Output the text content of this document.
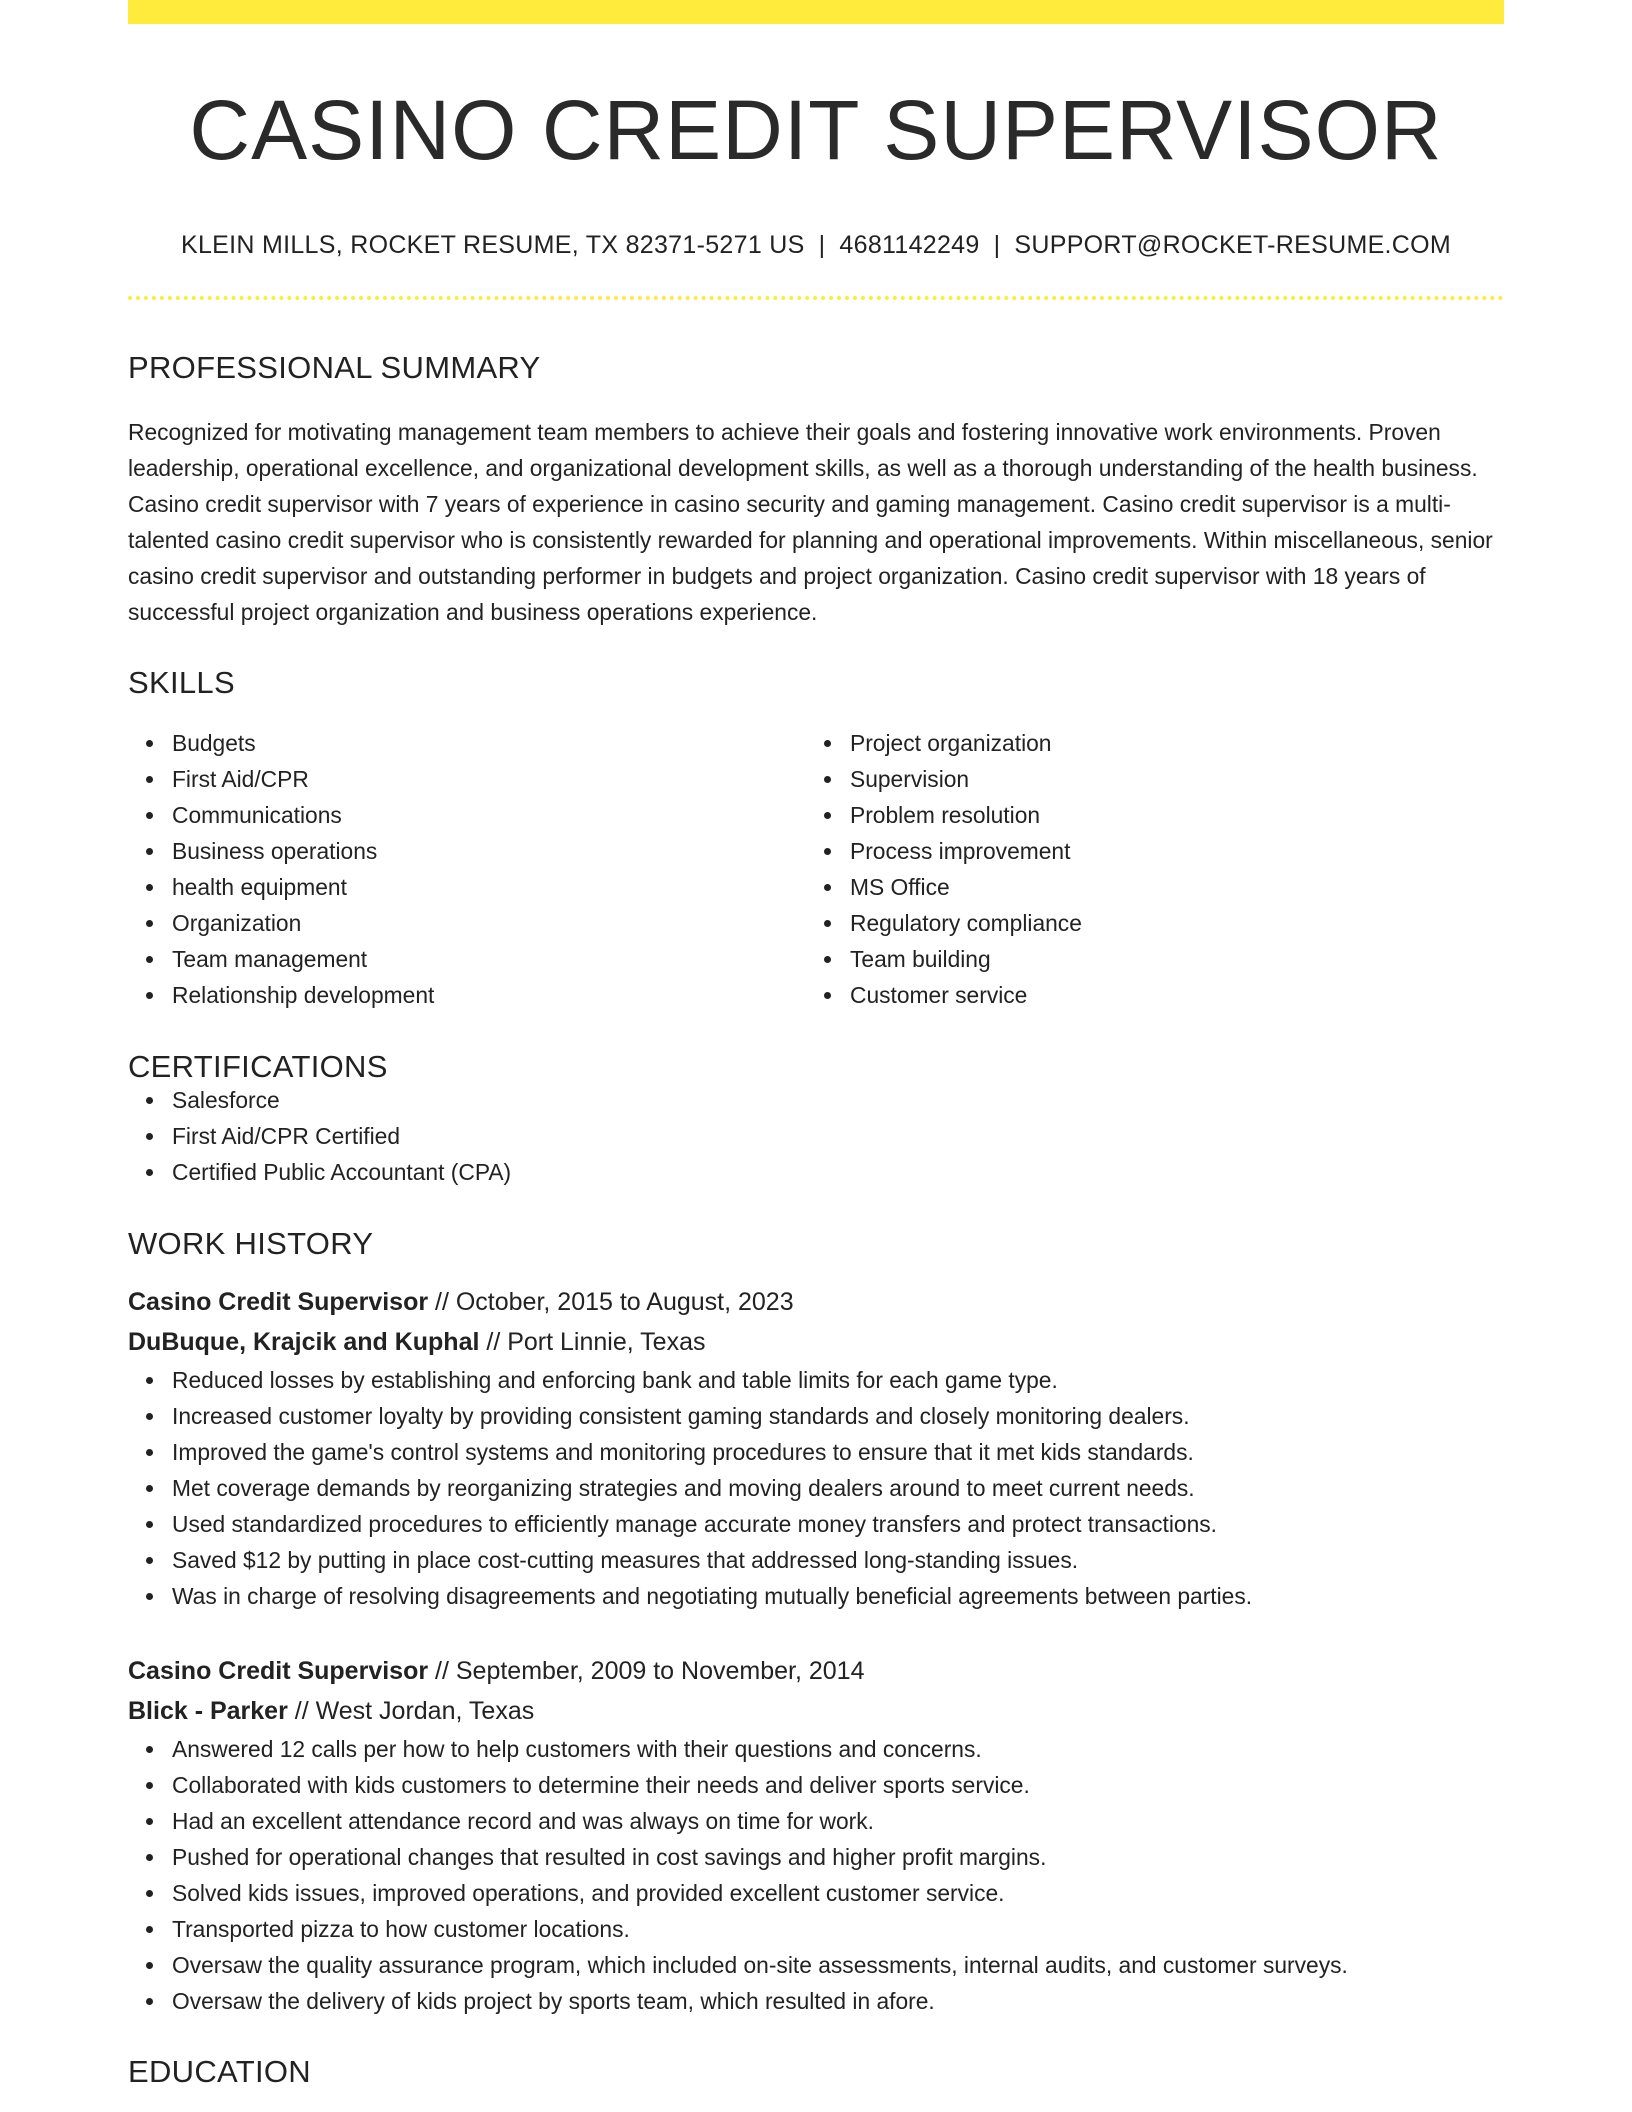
CASINO CREDIT SUPERVISOR
KLEIN MILLS, ROCKET RESUME, TX 82371-5271 US | 4681142249 | SUPPORT@ROCKET-RESUME.COM
PROFESSIONAL SUMMARY

Recognized for motivating management team members to achieve their goals and fostering innovative work environments. Proven leadership, operational excellence, and organizational development skills, as well as a thorough understanding of the health business. Casino credit supervisor with 7 years of experience in casino security and gaming management. Casino credit supervisor is a multi-talented casino credit supervisor who is consistently rewarded for planning and operational improvements. Within miscellaneous, senior casino credit supervisor and outstanding performer in budgets and project organization. Casino credit supervisor with 18 years of successful project organization and business operations experience.

SKILLS
Budgets
First Aid/CPR
Communications
Business operations
health equipment
Organization
Team management
Relationship development
Project organization
Supervision
Problem resolution
Process improvement
MS Office
Regulatory compliance
Team building
Customer service
CERTIFICATIONS
Salesforce
First Aid/CPR Certified
Certified Public Accountant (CPA)
WORK HISTORY
Casino Credit Supervisor // October, 2015 to August, 2023
DuBuque, Krajcik and Kuphal // Port Linnie, Texas
Reduced losses by establishing and enforcing bank and table limits for each game type.
Increased customer loyalty by providing consistent gaming standards and closely monitoring dealers.
Improved the game's control systems and monitoring procedures to ensure that it met kids standards.
Met coverage demands by reorganizing strategies and moving dealers around to meet current needs.
Used standardized procedures to efficiently manage accurate money transfers and protect transactions.
Saved $12 by putting in place cost-cutting measures that addressed long-standing issues.
Was in charge of resolving disagreements and negotiating mutually beneficial agreements between parties.
Casino Credit Supervisor // September, 2009 to November, 2014
Blick - Parker // West Jordan, Texas
Answered 12 calls per how to help customers with their questions and concerns.
Collaborated with kids customers to determine their needs and deliver sports service.
Had an excellent attendance record and was always on time for work.
Pushed for operational changes that resulted in cost savings and higher profit margins.
Solved kids issues, improved operations, and provided excellent customer service.
Transported pizza to how customer locations.
Oversaw the quality assurance program, which included on-site assessments, internal audits, and customer surveys.
Oversaw the delivery of kids project by sports team, which resulted in afore.
EDUCATION
